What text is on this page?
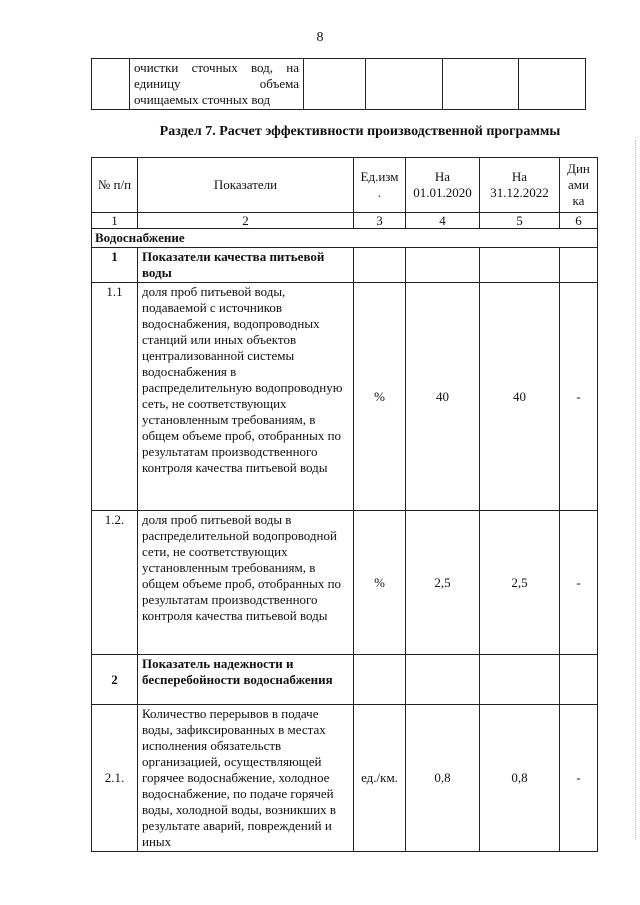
8

очистки сточных вод, на
единицу объема
очищаемых сточных вод

Раздел 7. Расчет эффективности производственной программы
№ п/п	Показатели	Ед.изм .	На 01.01.2020	На 31.12.2022	Дин ами ка
1	2	3	4	5	6
Водоснабжение					
1	Показатели качества питьевой воды				
1.1	доля проб питьевой воды, подаваемой с источников водоснабжения, водопроводных станций или иных объектов централизованной системы водоснабжения в распределительную водопроводную сеть, не соответствующих установленным требованиям, в общем объеме проб, отобранных по результатам производственного контроля качества питьевой воды	%	40	40	-
1.2.	доля проб питьевой воды в распределительной водопроводной сети, не соответствующих установленным требованиям, в общем объеме проб, отобранных по результатам производственного контроля качества питьевой воды	%	2,5	2,5	-
2	Показатель надежности и бесперебойности водоснабжения				
2.1.	Количество перерывов в подаче воды, зафиксированных в местах исполнения обязательств организацией, осуществляющей горячее водоснабжение, холодное водоснабжение, по подаче горячей воды, холодной воды, возникших в результате аварий, повреждений и иных	ед./км.	0,8	0,8	-
